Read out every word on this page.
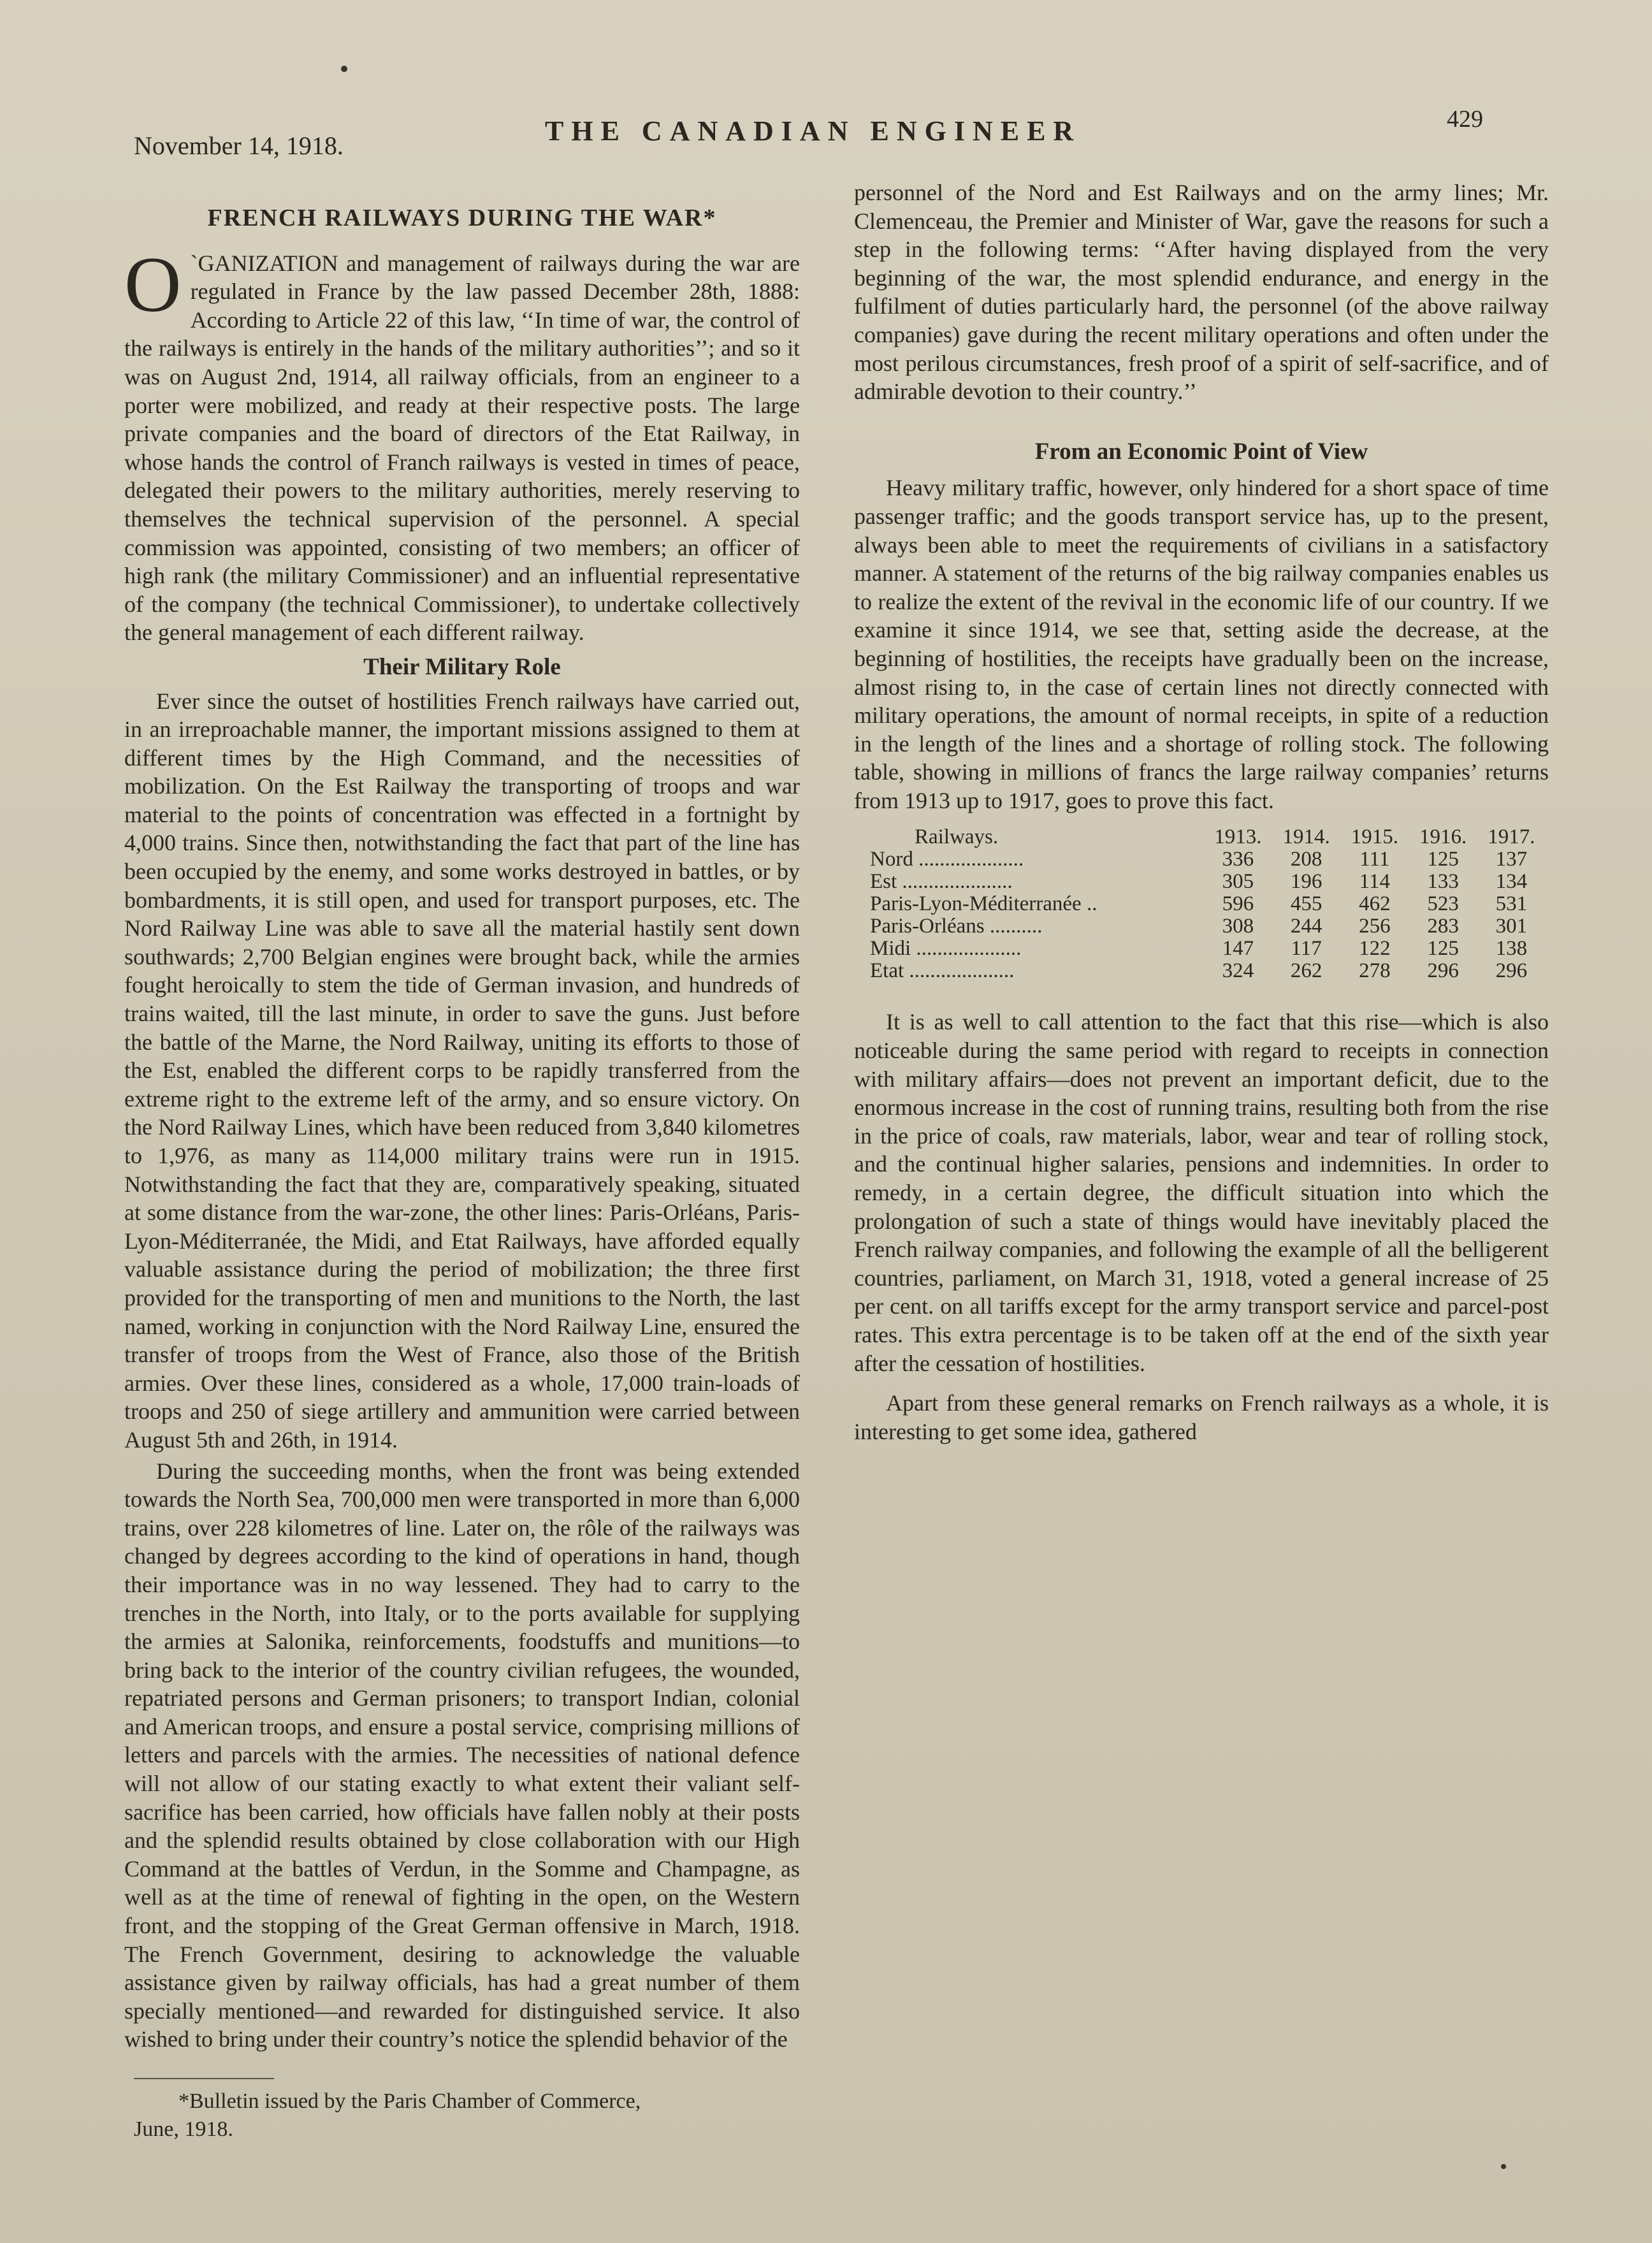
November 14, 1918.	THE CANADIAN ENGINEER	429
FRENCH RAILWAYS DURING THE WAR*

O `GANIZATION and management of railways during the war are regulated in France by the law passed December 28th, 1888: According to Article 22 of this law, ‘‘In time of war, the control of the railways is entirely in the hands of the military authorities’’; and so it was on August 2nd, 1914, all railway officials, from an engineer to a porter were mobilized, and ready at their respective posts. The large private companies and the board of directors of the Etat Railway, in whose hands the control of Franch railways is vested in times of peace, delegated their powers to the military authorities, merely reserving to themselves the technical supervision of the personnel. A special commission was appointed, consisting of two members; an officer of high rank (the military Commissioner) and an influential representative of the company (the technical Commissioner), to undertake collectively the general management of each different railway.

Their Military Role

Ever since the outset of hostilities French railways have carried out, in an irreproachable manner, the important missions assigned to them at different times by the High Command, and the necessities of mobilization. On the Est Railway the transporting of troops and war material to the points of concentration was effected in a fortnight by 4,000 trains. Since then, notwithstanding the fact that part of the line has been occupied by the enemy, and some works destroyed in battles, or by bombardments, it is still open, and used for transport purposes, etc. The Nord Railway Line was able to save all the material hastily sent down southwards; 2,700 Belgian engines were brought back, while the armies fought heroically to stem the tide of German invasion, and hundreds of trains waited, till the last minute, in order to save the guns. Just before the battle of the Marne, the Nord Railway, uniting its efforts to those of the Est, enabled the different corps to be rapidly transferred from the extreme right to the extreme left of the army, and so ensure victory. On the Nord Railway Lines, which have been reduced from 3,840 kilometres to 1,976, as many as 114,000 military trains were run in 1915. Notwithstanding the fact that they are, comparatively speaking, situated at some distance from the war-zone, the other lines: Paris-Orléans, Paris-Lyon-Méditerranée, the Midi, and Etat Railways, have afforded equally valuable assistance during the period of mobilization; the three first provided for the transporting of men and munitions to the North, the last named, working in conjunction with the Nord Railway Line, ensured the transfer of troops from the West of France, also those of the British armies. Over these lines, considered as a whole, 17,000 train-loads of troops and 250 of siege artillery and ammunition were carried between August 5th and 26th, in 1914.

During the succeeding months, when the front was being extended towards the North Sea, 700,000 men were transported in more than 6,000 trains, over 228 kilometres of line. Later on, the rôle of the railways was changed by degrees according to the kind of operations in hand, though their importance was in no way lessened. They had to carry to the trenches in the North, into Italy, or to the ports available for supplying the armies at Salonika, reinforcements, foodstuffs and munitions—to bring back to the interior of the country civilian refugees, the wounded, repatriated persons and German prisoners; to transport Indian, colonial and American troops, and ensure a postal service, comprising millions of letters and parcels with the armies. The necessities of national defence will not allow of our stating exactly to what extent their valiant self-sacrifice has been carried, how officials have fallen nobly at their posts and the splendid results obtained by close collaboration with our High Command at the battles of Verdun, in the Somme and Champagne, as well as at the time of renewal of fighting in the open, on the Western front, and the stopping of the Great German offensive in March, 1918. The French Government, desiring to acknowledge the valuable assistance given by railway officials, has had a great number of them specially mentioned—and rewarded for distinguished service. It also wished to bring under their country’s notice the splendid behavior of the

personnel of the Nord and Est Railways and on the army lines; Mr. Clemenceau, the Premier and Minister of War, gave the reasons for such a step in the following terms: ‘‘After having displayed from the very beginning of the war, the most splendid endurance, and energy in the fulfilment of duties particularly hard, the personnel (of the above railway companies) gave during the recent military operations and often under the most perilous circumstances, fresh proof of a spirit of self-sacrifice, and of admirable devotion to their country.’’

From an Economic Point of View

Heavy military traffic, however, only hindered for a short space of time passenger traffic; and the goods transport service has, up to the present, always been able to meet the requirements of civilians in a satisfactory manner. A statement of the returns of the big railway companies enables us to realize the extent of the revival in the economic life of our country. If we examine it since 1914, we see that, setting aside the decrease, at the beginning of hostilities, the receipts have gradually been on the increase, almost rising to, in the case of certain lines not directly connected with military operations, the amount of normal receipts, in spite of a reduction in the length of the lines and a shortage of rolling stock. The following table, showing in millions of francs the large railway companies’ returns from 1913 up to 1917, goes to prove this fact.

Railways.	1913.	1914.	1915.	1916.	1917.
Nord ....................	336	208	111	125	137
Est .....................	305	196	114	133	134
Paris-Lyon-Méditerranée ..	596	455	462	523	531
Paris-Orléans ..........	308	244	256	283	301
Midi ....................	147	117	122	125	138
Etat ....................	324	262	278	296	296

It is as well to call attention to the fact that this rise—which is also noticeable during the same period with regard to receipts in connection with military affairs—does not prevent an important deficit, due to the enormous increase in the cost of running trains, resulting both from the rise in the price of coals, raw materials, labor, wear and tear of rolling stock, and the continual higher salaries, pensions and indemnities. In order to remedy, in a certain degree, the difficult situation into which the prolongation of such a state of things would have inevitably placed the French railway companies, and following the example of all the belligerent countries, parliament, on March 31, 1918, voted a general increase of 25 per cent. on all tariffs except for the army transport service and parcel-post rates. This extra percentage is to be taken off at the end of the sixth year after the cessation of hostilities.

Apart from these general remarks on French railways as a whole, it is interesting to get some idea, gathered

*Bulletin issued by the Paris Chamber of Commerce,

June, 1918.
